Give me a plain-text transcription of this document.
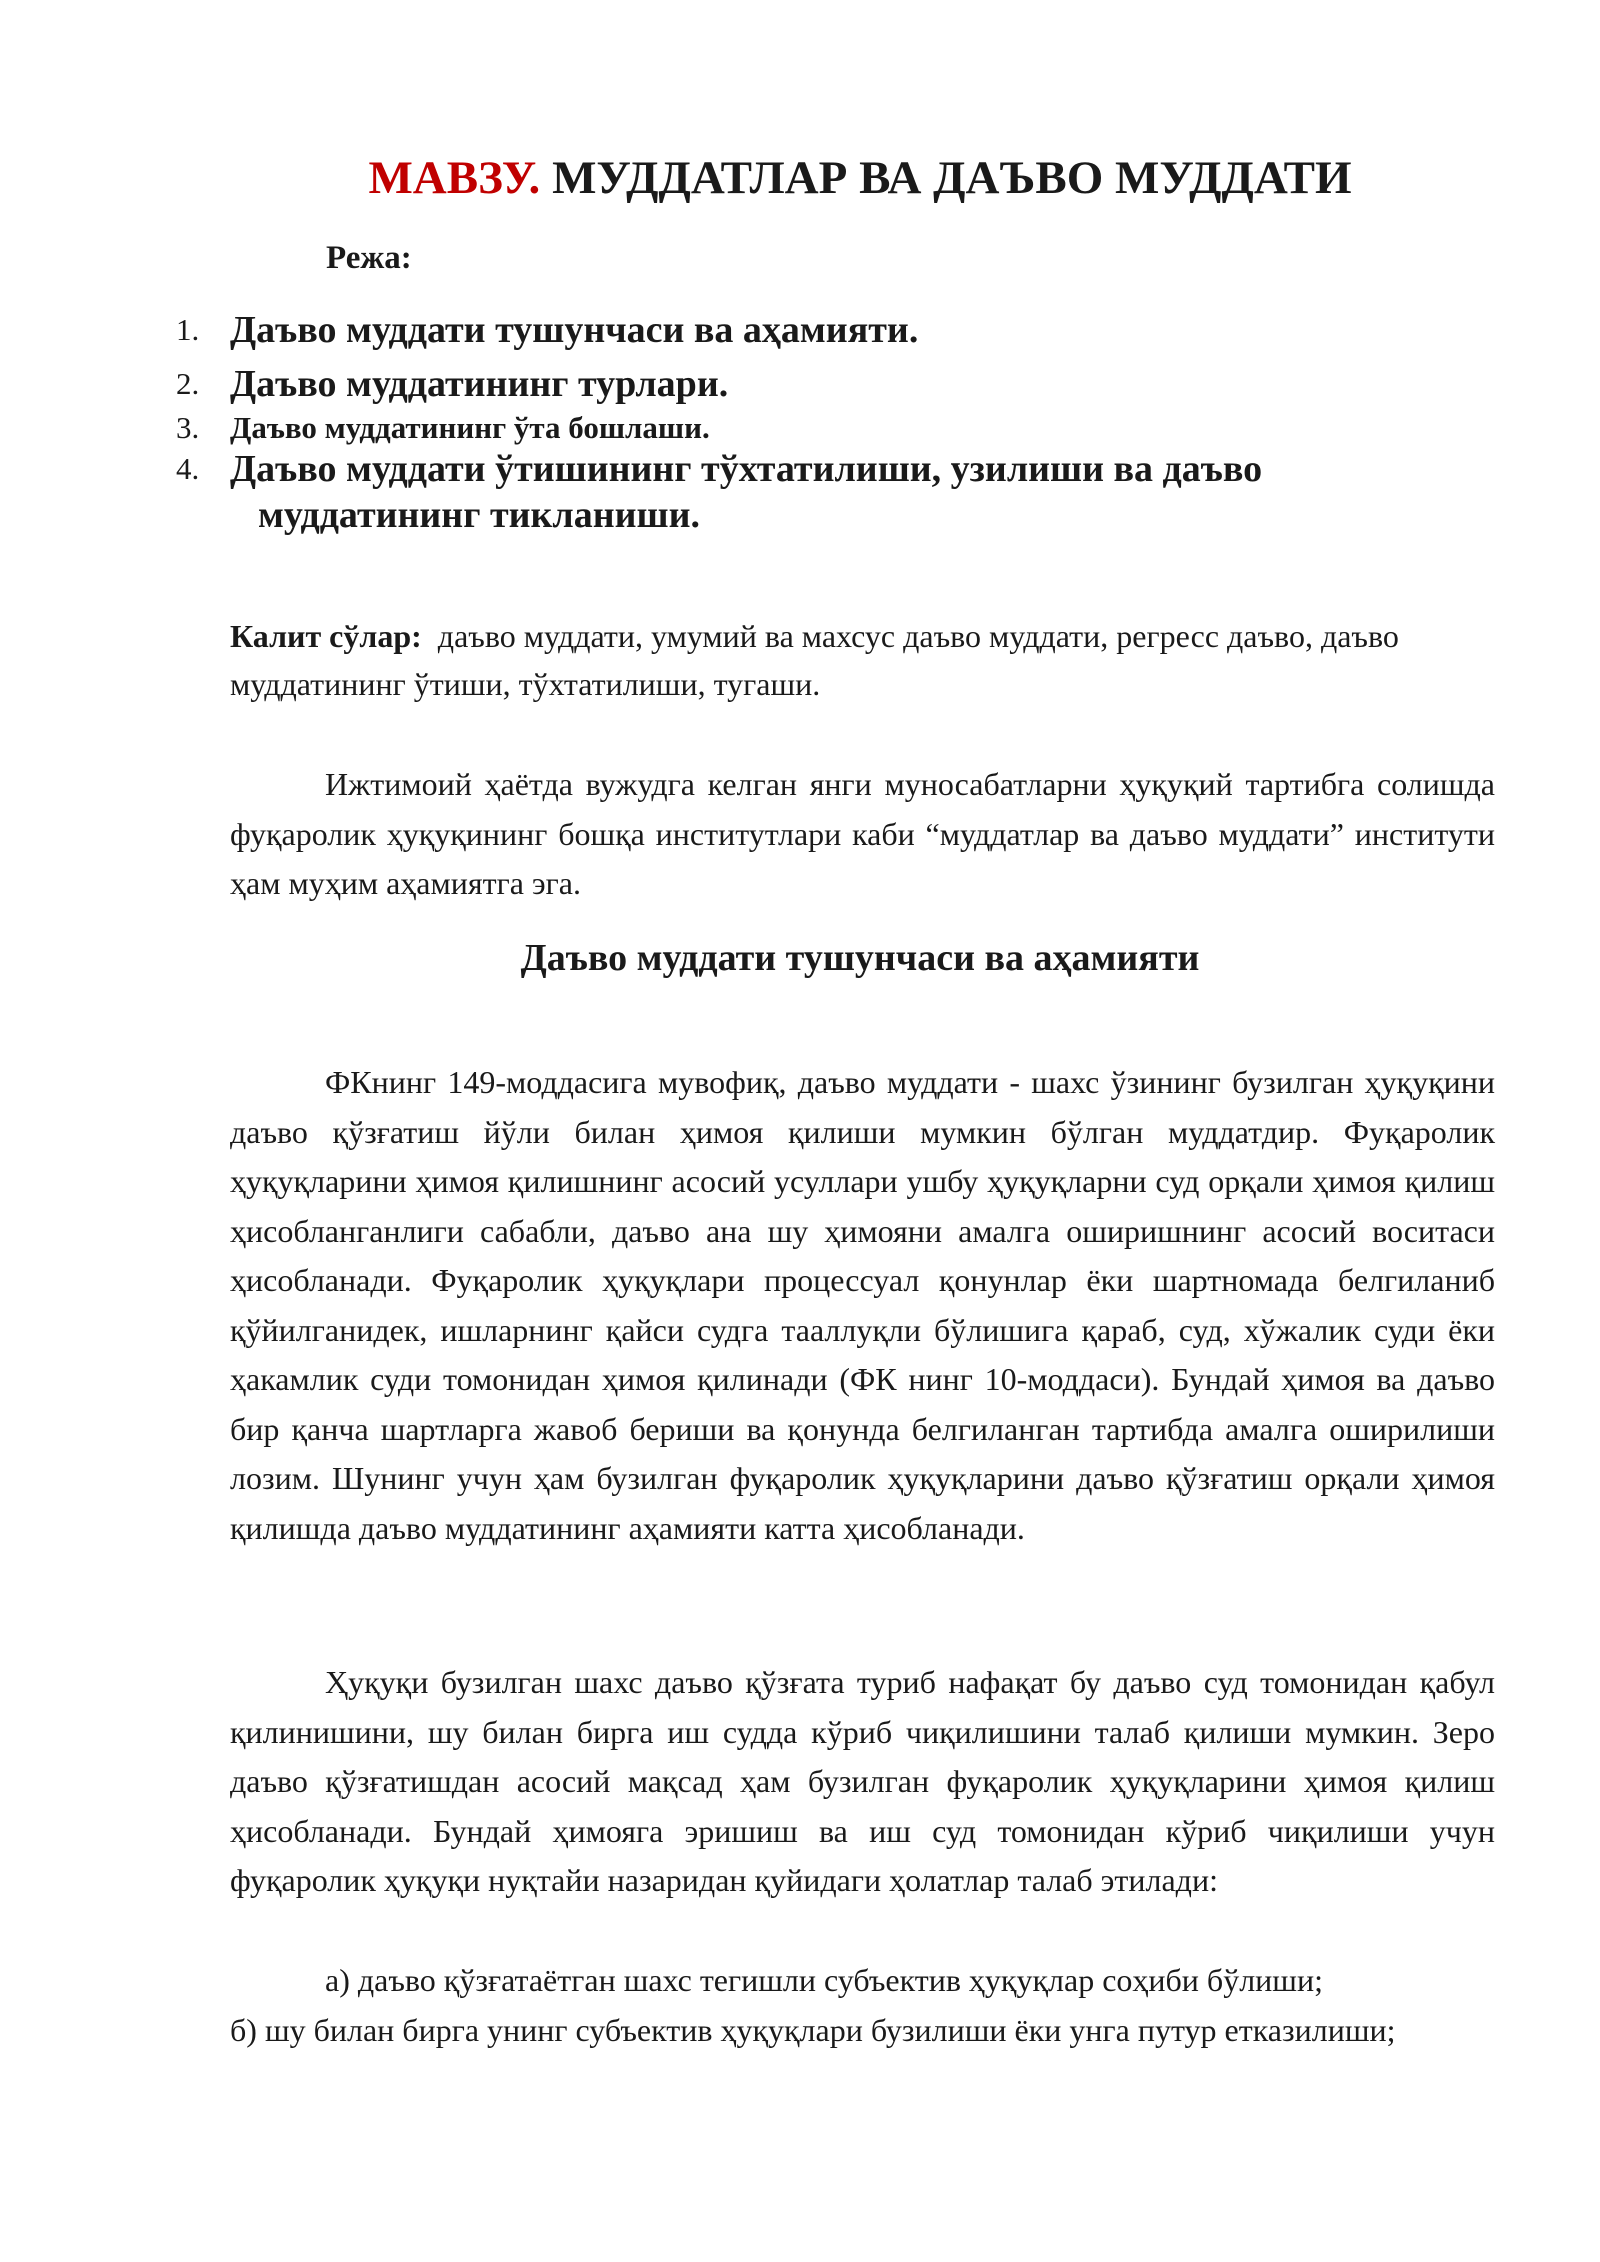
МАВЗУ. МУДДАТЛАР ВА ДАЪВО МУДДАТИ
Режа:
1. Даъво муддати тушунчаси ва аҳамияти.
2. Даъво муддатининг турлари.
3. Даъво муддатининг ўта бошлаши.
4. Даъво муддати ўтишининг тўхтатилиши, узилиши ва даъво
муддатининг тикланиши.
Калит сўлар: даъво муддати, умумий ва махсус даъво муддати, регресс даъво, даъво муддатининг ўтиши, тўхтатилиши, тугаши.

Ижтимоий ҳаётда вужудга келган янги муносабатларни ҳуқуқий тартибга солишда фуқаролик ҳуқуқининг бошқа институтлари каби “муддатлар ва даъво муддати” институти ҳам муҳим аҳамиятга эга.

Даъво муддати тушунчаси ва аҳамияти

ФКнинг 149-моддасига мувофиқ, даъво муддати - шахс ўзининг бузилган ҳуқуқини даъво қўзғатиш йўли билан ҳимоя қилиши мумкин бўлган муддатдир. Фуқаролик ҳуқуқларини ҳимоя қилишнинг асосий усуллари ушбу ҳуқуқларни суд орқали ҳимоя қилиш ҳисобланганлиги сабабли, даъво ана шу ҳимояни амалга оширишнинг асосий воситаси ҳисобланади. Фуқаролик ҳуқуқлари процессуал қонунлар ёки шартномада белгиланиб қўйилганидек, ишларнинг қайси судга тааллуқли бўлишига қараб, суд, хўжалик суди ёки ҳакамлик суди томонидан ҳимоя қилинади (ФК нинг 10-моддаси). Бундай ҳимоя ва даъво бир қанча шартларга жавоб бериши ва қонунда белгиланган тартибда амалга оширилиши лозим. Шунинг учун ҳам бузилган фуқаролик ҳуқуқларини даъво қўзғатиш орқали ҳимоя қилишда даъво муддатининг аҳамияти катта ҳисобланади.

Ҳуқуқи бузилган шахс даъво қўзғата туриб нафақат бу даъво суд томонидан қабул қилинишини, шу билан бирга иш судда кўриб чиқилишини талаб қилиши мумкин. Зеро даъво қўзғатишдан асосий мақсад ҳам бузилган фуқаролик ҳуқуқларини ҳимоя қилиш ҳисобланади. Бундай ҳимояга эришиш ва иш суд томонидан кўриб чиқилиши учун фуқаролик ҳуқуқи нуқтайи назаридан қуйидаги ҳолатлар талаб этилади:

а) даъво қўзғатаётган шахс тегишли субъектив ҳуқуқлар соҳиби бўлиши;

б) шу билан бирга унинг субъектив ҳуқуқлари бузилиши ёки унга путур етказилиши;
